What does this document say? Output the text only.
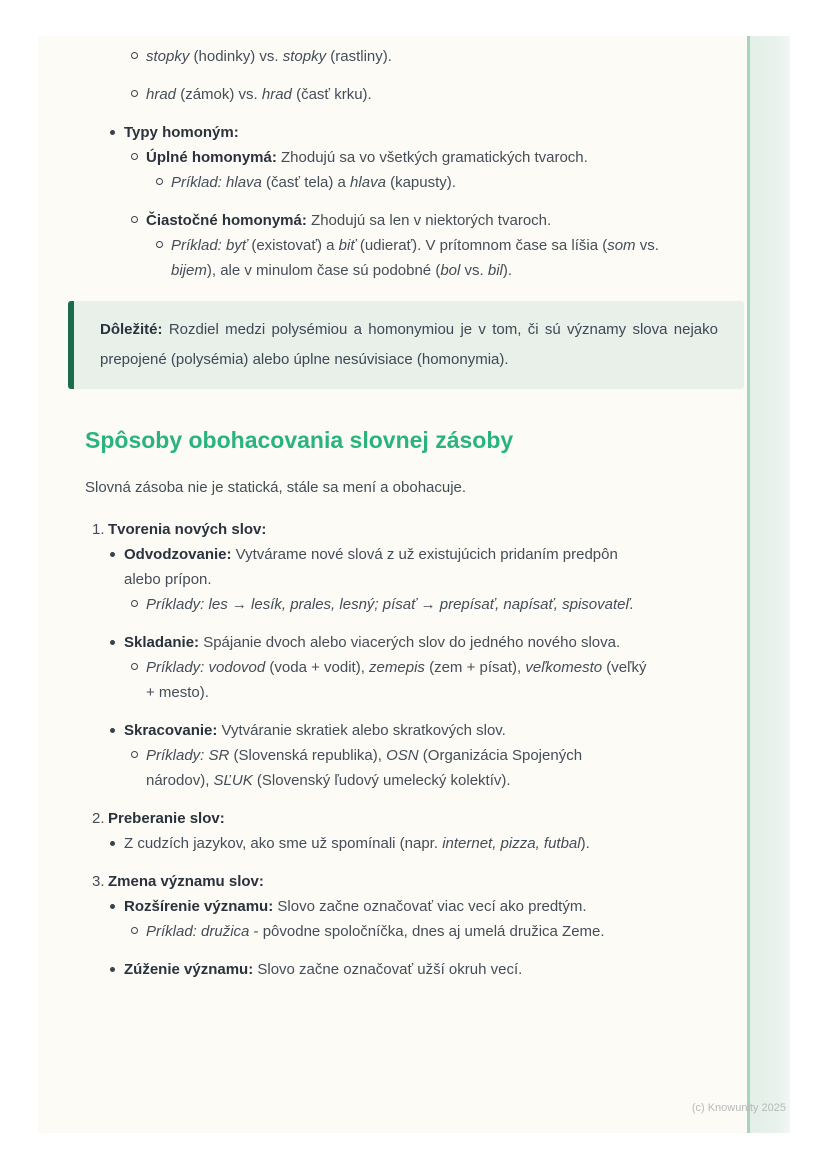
stopky (hodinky) vs. stopky (rastliny).
hrad (zámok) vs. hrad (časť krku).
Typy homoným:
Úplné homonymá: Zhodujú sa vo všetkých gramatických tvaroch.
Príklad: hlava (časť tela) a hlava (kapusty).
Čiastočné homonymá: Zhodujú sa len v niektorých tvaroch.
Príklad: byť (existovať) a biť (udierať). V prítomnom čase sa líšia (som vs. bijem), ale v minulom čase sú podobné (bol vs. bil).
Dôležité: Rozdiel medzi polysémiou a homonymiou je v tom, či sú významy slova nejako prepojené (polysémia) alebo úplne nesúvisiace (homonymia).
Spôsoby obohacovania slovnej zásoby

Slovná zásoba nie je statická, stále sa mení a obohacuje.

1. Tvorenia nových slov:
Odvodzovanie: Vytvárame nové slová z už existujúcich pridaním predpôn alebo prípon.
Príklady: les → lesík, prales, lesný; písať → prepísať, napísať, spisovateľ.
Skladanie: Spájanie dvoch alebo viacerých slov do jedného nového slova.
Príklady: vodovod (voda + vodit), zemepis (zem + písat), veľkomesto (veľký + mesto).
Skracovanie: Vytváranie skratiek alebo skratkových slov.
Príklady: SR (Slovenská republika), OSN (Organizácia Spojených národov), SĽUK (Slovenský ľudový umelecký kolektív).
2. Preberanie slov:
Z cudzích jazykov, ako sme už spomínali (napr. internet, pizza, futbal).
3. Zmena významu slov:
Rozšírenie významu: Slovo začne označovať viac vecí ako predtým.
Príklad: družica - pôvodne spoločníčka, dnes aj umelá družica Zeme.
Zúženie významu: Slovo začne označovať užší okruh vecí.
(c) Knowunity 2025
